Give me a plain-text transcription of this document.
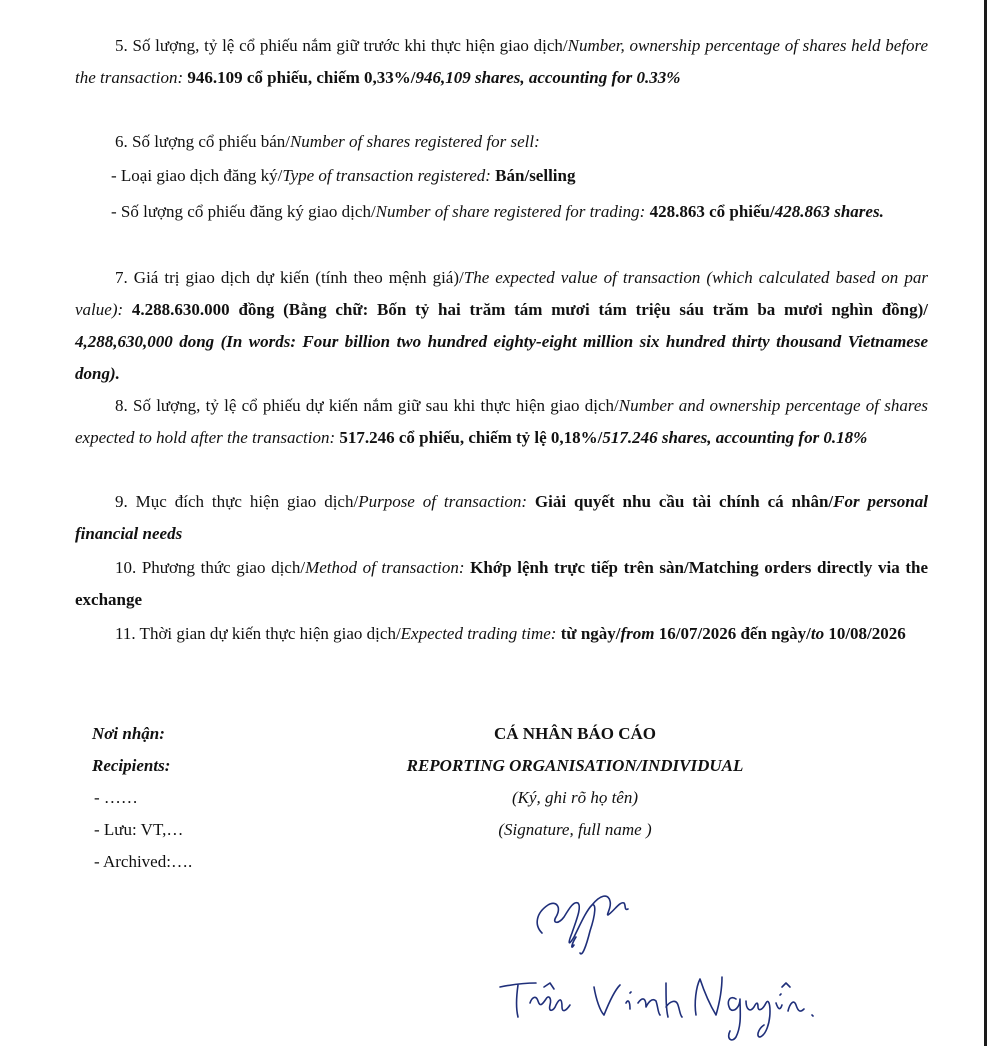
5. Số lượng, tỷ lệ cổ phiếu nắm giữ trước khi thực hiện giao dịch/Number, ownership percentage of shares held before the transaction: 946.109 cổ phiếu, chiếm 0,33%/946,109 shares, accounting for 0.33%
6. Số lượng cổ phiếu bán/Number of shares registered for sell:
- Loại giao dịch đăng ký/Type of transaction registered: Bán/selling
- Số lượng cổ phiếu đăng ký giao dịch/Number of share registered for trading: 428.863 cổ phiếu/428.863 shares.
7. Giá trị giao dịch dự kiến (tính theo mệnh giá)/The expected value of transaction (which calculated based on par value): 4.288.630.000 đồng (Bằng chữ: Bốn tỷ hai trăm tám mươi tám triệu sáu trăm ba mươi nghìn đồng)/ 4,288,630,000 dong (In words: Four billion two hundred eighty-eight million six hundred thirty thousand Vietnamese dong).
8. Số lượng, tỷ lệ cổ phiếu dự kiến nắm giữ sau khi thực hiện giao dịch/Number and ownership percentage of shares expected to hold after the transaction: 517.246 cổ phiếu, chiếm tỷ lệ 0,18%/517.246 shares, accounting for 0.18%
9. Mục đích thực hiện giao dịch/Purpose of transaction: Giải quyết nhu cầu tài chính cá nhân/For personal financial needs
10. Phương thức giao dịch/Method of transaction: Khớp lệnh trực tiếp trên sàn/Matching orders directly via the exchange
11. Thời gian dự kiến thực hiện giao dịch/Expected trading time: từ ngày/from 16/07/2026 đến ngày/to 10/08/2026
Nơi nhận:
Recipients:
- ……
- Lưu: VT,…
- Archived:….
CÁ NHÂN BÁO CÁO
REPORTING ORGANISATION/INDIVIDUAL
(Ký, ghi rõ họ tên)
(Signature, full name )
